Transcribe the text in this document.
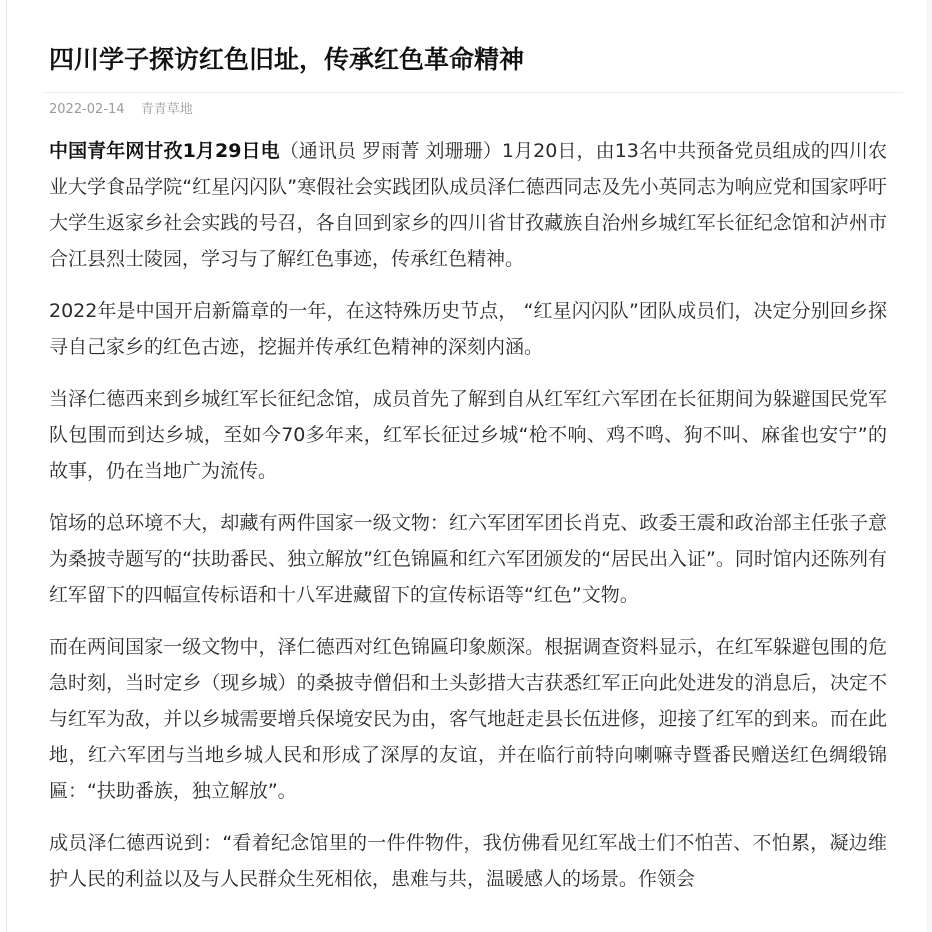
四川学子探访红色旧址，传承红色革命精神
2022-02-14 青青草地

中国青年网甘孜1月29日电（通讯员 罗雨菁 刘珊珊）1月20日，由13名中共预备党员组成的四川农业大学食品学院“红星闪闪队”寒假社会实践团队成员泽仁德西同志及先小英同志为响应党和国家呼吁大学生返家乡社会实践的号召，各自回到家乡的四川省甘孜藏族自治州乡城红军长征纪念馆和泸州市合江县烈士陵园，学习与了解红色事迹，传承红色精神。

2022年是中国开启新篇章的一年，在这特殊历史节点， “红星闪闪队”团队成员们，决定分别回乡探寻自己家乡的红色古迹，挖掘并传承红色精神的深刻内涵。

当泽仁德西来到乡城红军长征纪念馆，成员首先了解到自从红军红六军团在长征期间为躲避国民党军队包围而到达乡城，至如今70多年来，红军长征过乡城“枪不响、鸡不鸣、狗不叫、麻雀也安宁”的故事，仍在当地广为流传。

馆场的总环境不大，却藏有两件国家一级文物：红六军团军团长肖克、政委王震和政治部主任张子意为桑披寺题写的“扶助番民、独立解放”红色锦匾和红六军团颁发的“居民出入证”。同时馆内还陈列有红军留下的四幅宣传标语和十八军进藏留下的宣传标语等“红色”文物。

而在两间国家一级文物中，泽仁德西对红色锦匾印象颇深。根据调查资料显示，在红军躲避包围的危急时刻，当时定乡（现乡城）的桑披寺僧侣和土头彭措大吉获悉红军正向此处进发的消息后，决定不与红军为敌，并以乡城需要增兵保境安民为由，客气地赶走县长伍进修，迎接了红军的到来。而在此地，红六军团与当地乡城人民和形成了深厚的友谊，并在临行前特向喇嘛寺暨番民赠送红色绸缎锦匾：“扶助番族，独立解放”。

成员泽仁德西说到：“看着纪念馆里的一件件物件，我仿佛看见红军战士们不怕苦、不怕累，凝边维护人民的利益以及与人民群众生死相依，患难与共，温暖感人的场景。作领会
